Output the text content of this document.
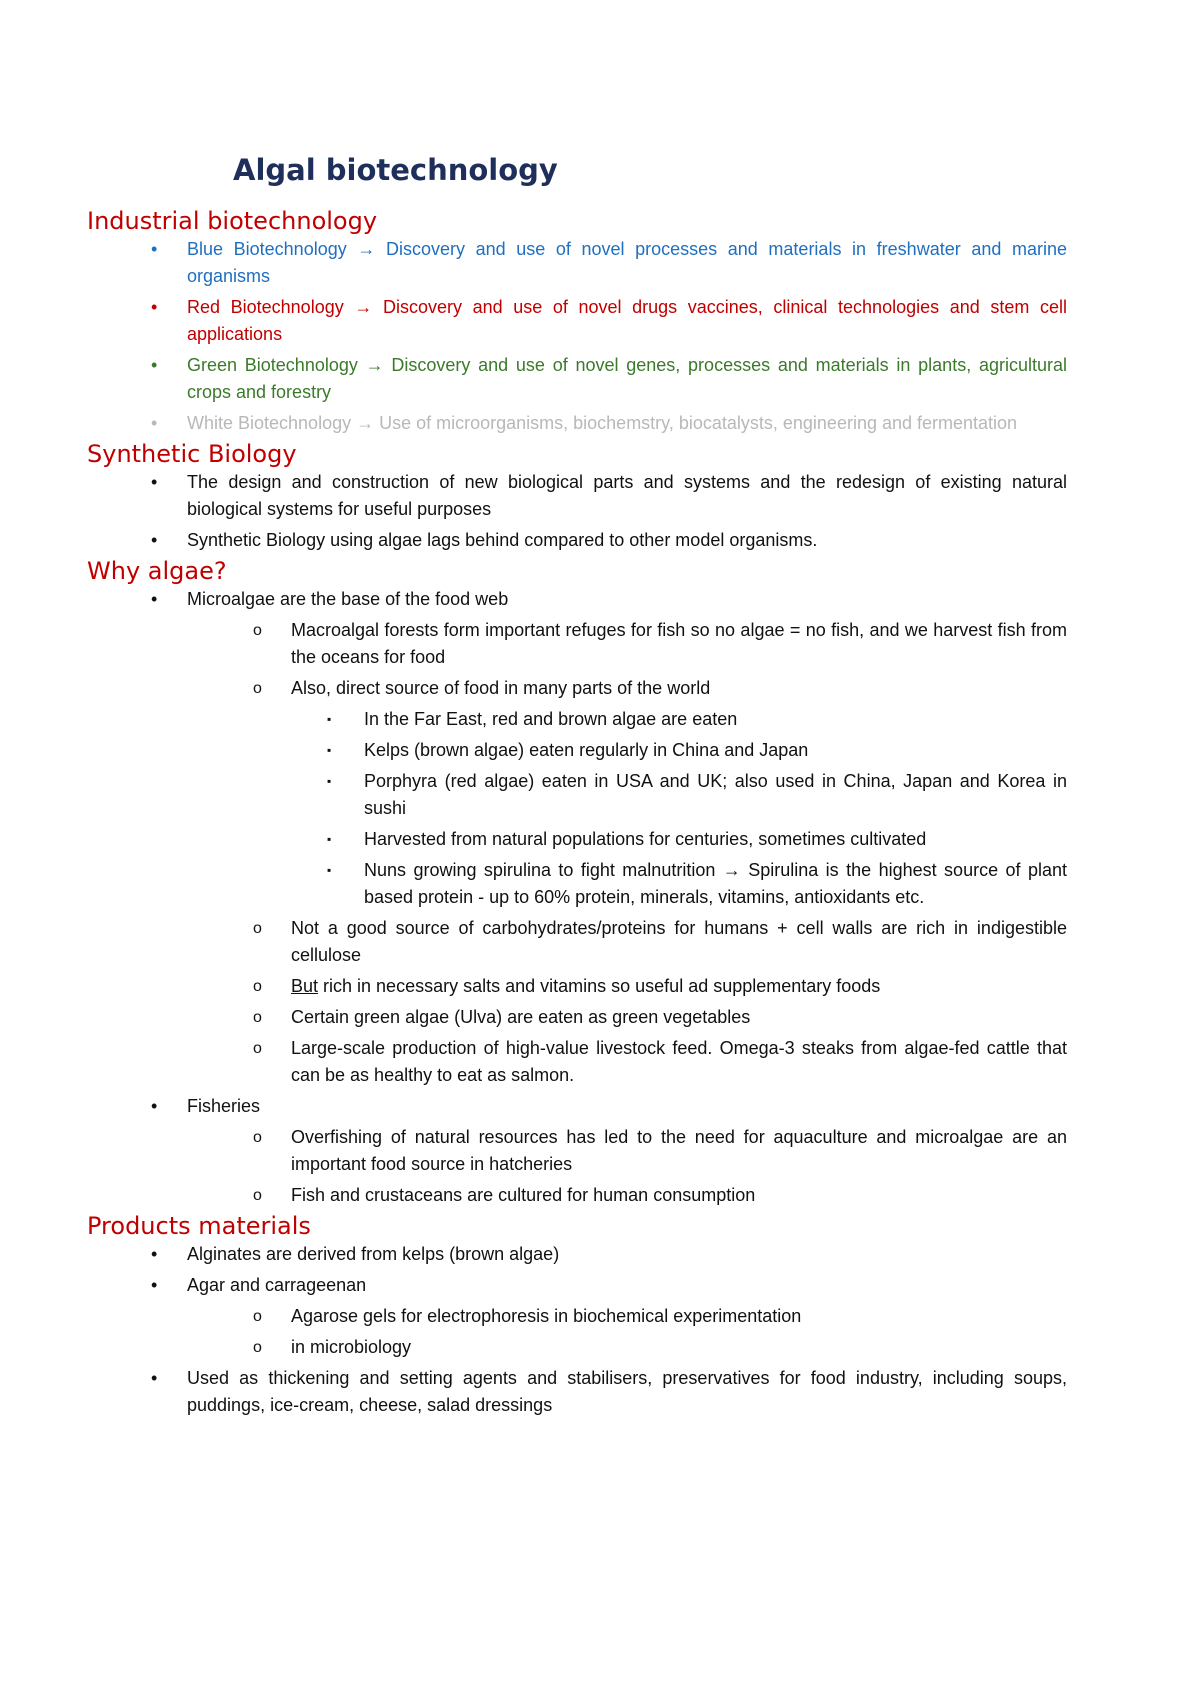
Algal biotechnology
Industrial biotechnology
• Blue Biotechnology → Discovery and use of novel processes and materials in freshwater and marine organisms
• Red Biotechnology → Discovery and use of novel drugs vaccines, clinical technologies and stem cell applications
• Green Biotechnology → Discovery and use of novel genes, processes and materials in plants, agricultural crops and forestry
• White Biotechnology → Use of microorganisms, biochemstry, biocatalysts, engineering and fermentation
Synthetic Biology
• The design and construction of new biological parts and systems and the redesign of existing natural biological systems for useful purposes
• Synthetic Biology using algae lags behind compared to other model organisms.
Why algae?
• Microalgae are the base of the food web
o Macroalgal forests form important refuges for fish so no algae = no fish, and we harvest fish from the oceans for food
o Also, direct source of food in many parts of the world
▪ In the Far East, red and brown algae are eaten
▪ Kelps (brown algae) eaten regularly in China and Japan
▪ Porphyra (red algae) eaten in USA and UK; also used in China, Japan and Korea in sushi
▪ Harvested from natural populations for centuries, sometimes cultivated
▪ Nuns growing spirulina to fight malnutrition → Spirulina is the highest source of plant based protein - up to 60% protein, minerals, vitamins, antioxidants etc.
o Not a good source of carbohydrates/proteins for humans + cell walls are rich in indigestible cellulose
o But rich in necessary salts and vitamins so useful ad supplementary foods
o Certain green algae (Ulva) are eaten as green vegetables
o Large-scale production of high-value livestock feed. Omega-3 steaks from algae-fed cattle that can be as healthy to eat as salmon.
• Fisheries
o Overfishing of natural resources has led to the need for aquaculture and microalgae are an important food source in hatcheries
o Fish and crustaceans are cultured for human consumption
Products materials
• Alginates are derived from kelps (brown algae)
• Agar and carrageenan
o Agarose gels for electrophoresis in biochemical experimentation
o in microbiology
• Used as thickening and setting agents and stabilisers, preservatives for food industry, including soups, puddings, ice-cream, cheese, salad dressings
